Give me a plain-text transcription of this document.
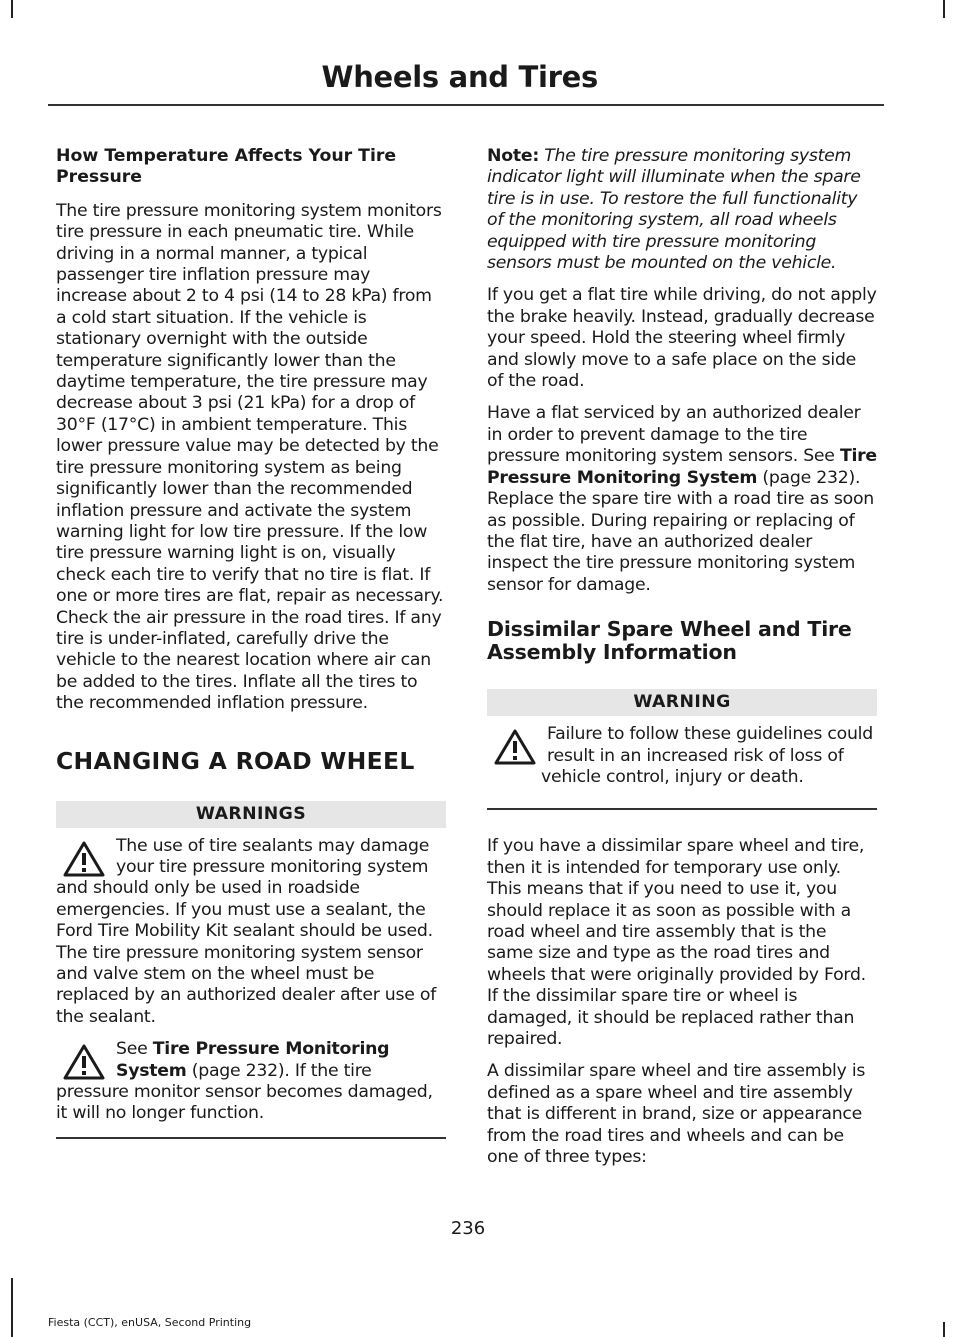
Wheels and Tires
How Temperature Affects Your Tire Pressure

The tire pressure monitoring system monitors tire pressure in each pneumatic tire. While driving in a normal manner, a typical passenger tire inflation pressure may increase about 2 to 4 psi (14 to 28 kPa) from a cold start situation. If the vehicle is stationary overnight with the outside temperature significantly lower than the daytime temperature, the tire pressure may decrease about 3 psi (21 kPa) for a drop of 30°F (17°C) in ambient temperature. This lower pressure value may be detected by the tire pressure monitoring system as being significantly lower than the recommended inflation pressure and activate the system warning light for low tire pressure. If the low tire pressure warning light is on, visually check each tire to verify that no tire is flat. If one or more tires are flat, repair as necessary. Check the air pressure in the road tires. If any tire is under-inflated, carefully drive the vehicle to the nearest location where air can be added to the tires. Inflate all the tires to the recommended inflation pressure.

CHANGING A ROAD WHEEL
WARNINGS

The use of tire sealants may damage your tire pressure monitoring system and should only be used in roadside emergencies. If you must use a sealant, the Ford Tire Mobility Kit sealant should be used. The tire pressure monitoring system sensor and valve stem on the wheel must be replaced by an authorized dealer after use of the sealant.

See Tire Pressure Monitoring System (page 232). If the tire pressure monitor sensor becomes damaged, it will no longer function.

Note: The tire pressure monitoring system indicator light will illuminate when the spare tire is in use. To restore the full functionality of the monitoring system, all road wheels equipped with tire pressure monitoring sensors must be mounted on the vehicle.

If you get a flat tire while driving, do not apply the brake heavily. Instead, gradually decrease your speed. Hold the steering wheel firmly and slowly move to a safe place on the side of the road.

Have a flat serviced by an authorized dealer in order to prevent damage to the tire pressure monitoring system sensors. See Tire Pressure Monitoring System (page 232). Replace the spare tire with a road tire as soon as possible. During repairing or replacing of the flat tire, have an authorized dealer inspect the tire pressure monitoring system sensor for damage.

Dissimilar Spare Wheel and Tire Assembly Information
WARNING

Failure to follow these guidelines could result in an increased risk of loss of vehicle control, injury or death.

If you have a dissimilar spare wheel and tire, then it is intended for temporary use only. This means that if you need to use it, you should replace it as soon as possible with a road wheel and tire assembly that is the same size and type as the road tires and wheels that were originally provided by Ford. If the dissimilar spare tire or wheel is damaged, it should be replaced rather than repaired.

A dissimilar spare wheel and tire assembly is defined as a spare wheel and tire assembly that is different in brand, size or appearance from the road tires and wheels and can be one of three types:

236
Fiesta (CCT), enUSA, Second Printing
